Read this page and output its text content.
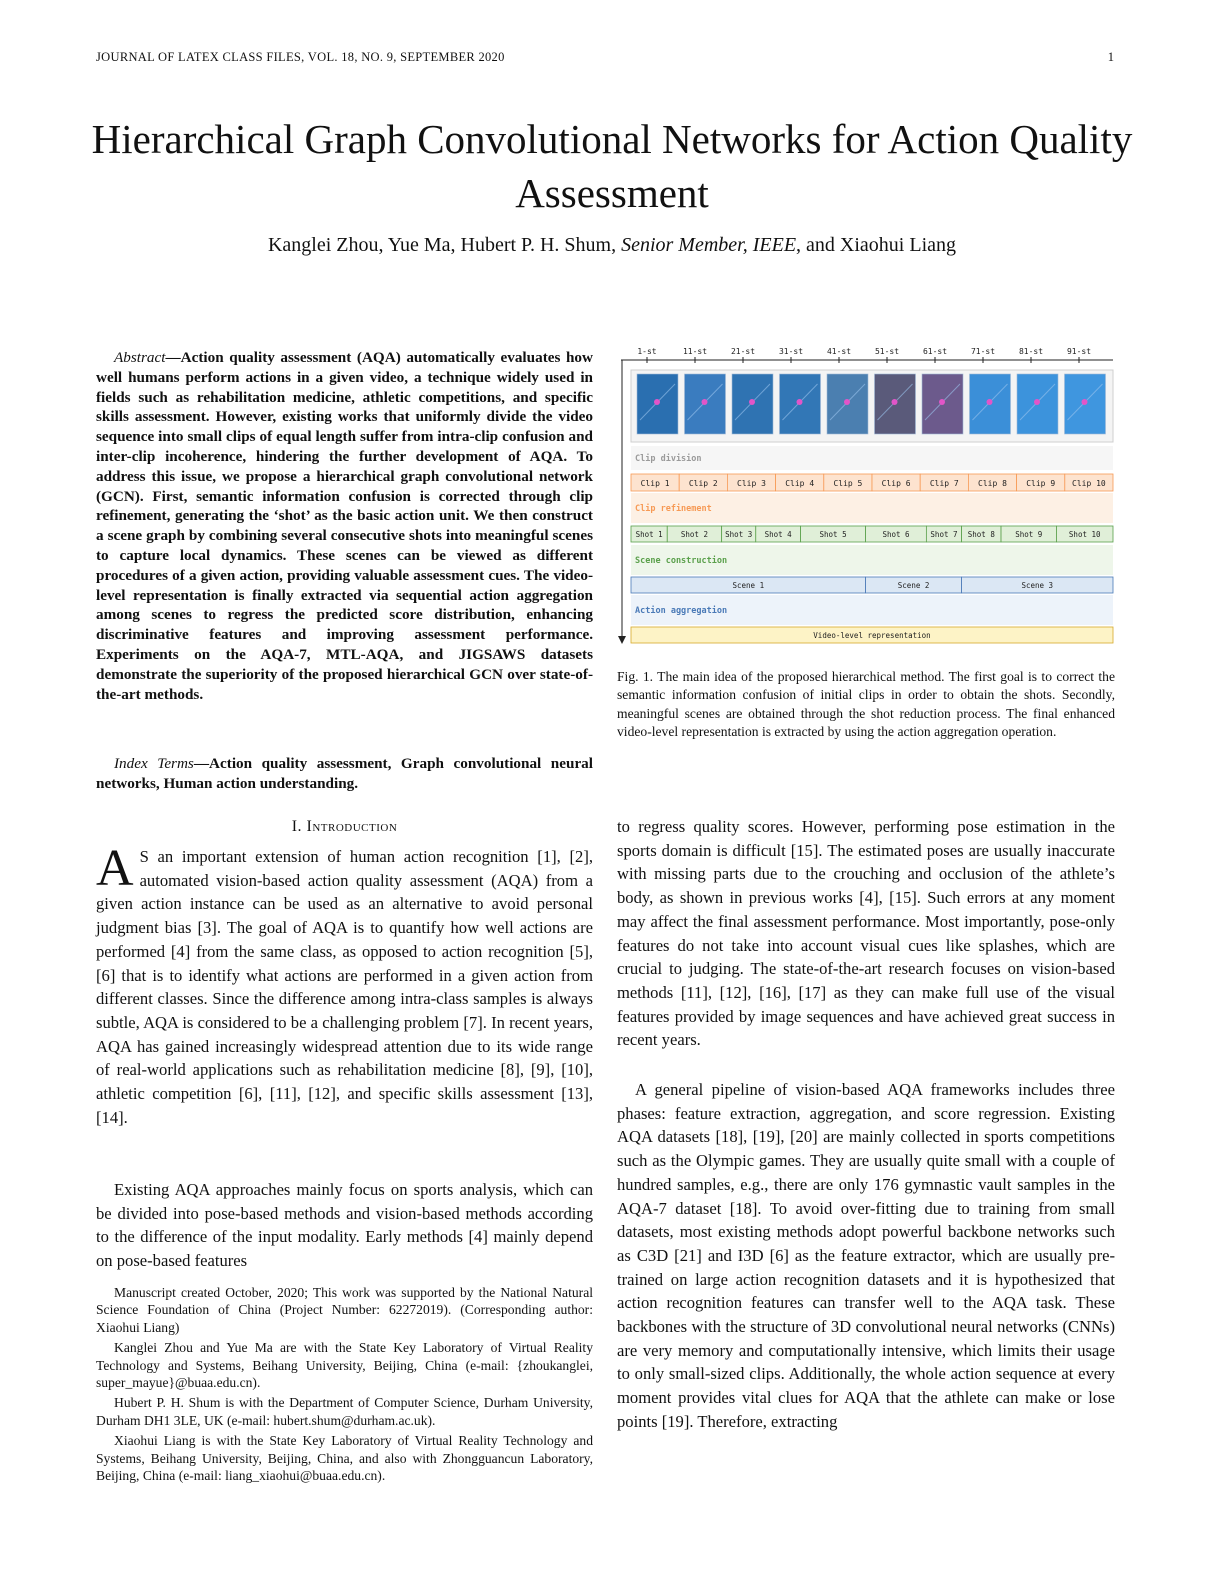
JOURNAL OF LATEX CLASS FILES, VOL. 18, NO. 9, SEPTEMBER 2020	1
Hierarchical Graph Convolutional Networks for Action Quality Assessment
Kanglei Zhou, Yue Ma, Hubert P. H. Shum, Senior Member, IEEE, and Xiaohui Liang
Abstract—Action quality assessment (AQA) automatically evaluates how well humans perform actions in a given video, a technique widely used in fields such as rehabilitation medicine, athletic competitions, and specific skills assessment. However, existing works that uniformly divide the video sequence into small clips of equal length suffer from intra-clip confusion and inter-clip incoherence, hindering the further development of AQA. To address this issue, we propose a hierarchical graph convolutional network (GCN). First, semantic information confusion is corrected through clip refinement, generating the ‘shot’ as the basic action unit. We then construct a scene graph by combining several consecutive shots into meaningful scenes to capture local dynamics. These scenes can be viewed as different procedures of a given action, providing valuable assessment cues. The video-level representation is finally extracted via sequential action aggregation among scenes to regress the predicted score distribution, enhancing discriminative features and improving assessment performance. Experiments on the AQA-7, MTL-AQA, and JIGSAWS datasets demonstrate the superiority of the proposed hierarchical GCN over state-of-the-art methods.
Index Terms—Action quality assessment, Graph convolutional neural networks, Human action understanding.
I. Introduction
A S an important extension of human action recognition [1], [2], automated vision-based action quality assessment (AQA) from a given action instance can be used as an alternative to avoid personal judgment bias [3]. The goal of AQA is to quantify how well actions are performed [4] from the same class, as opposed to action recognition [5], [6] that is to identify what actions are performed in a given action from different classes. Since the difference among intra-class samples is always subtle, AQA is considered to be a challenging problem [7]. In recent years, AQA has gained increasingly widespread attention due to its wide range of real-world applications such as rehabilitation medicine [8], [9], [10], athletic competition [6], [11], [12], and specific skills assessment [13], [14].
Existing AQA approaches mainly focus on sports analysis, which can be divided into pose-based methods and vision-based methods according to the difference of the input modality. Early methods [4] mainly depend on pose-based features

Manuscript created October, 2020; This work was supported by the National Natural Science Foundation of China (Project Number: 62272019). (Corresponding author: Xiaohui Liang)

Kanglei Zhou and Yue Ma are with the State Key Laboratory of Virtual Reality Technology and Systems, Beihang University, Beijing, China (e-mail: {zhoukanglei, super_mayue}@buaa.edu.cn).

Hubert P. H. Shum is with the Department of Computer Science, Durham University, Durham DH1 3LE, UK (e-mail: hubert.shum@durham.ac.uk).

Xiaohui Liang is with the State Key Laboratory of Virtual Reality Technology and Systems, Beihang University, Beijing, China, and also with Zhongguancun Laboratory, Beijing, China (e-mail: liang_xiaohui@buaa.edu.cn).

1-st	11-st	21-st	31-st	41-st	51-st	61-st	71-st	81-st	91-st
Clip division
Clip 1 Clip 2 Clip 3 Clip 4 Clip 5 Clip 6 Clip 7 Clip 8 Clip 9 Clip 10
Clip refinement
Shot 1 Shot 2 Shot 3 Shot 4	Shot 5	Shot 6	Shot 7 Shot 8	Shot 9	Shot 10
Scene construction
Scene 1	Scene 2	Scene 3
Action aggregation
Video-level representation
Fig. 1. The main idea of the proposed hierarchical method. The first goal is to correct the semantic information confusion of initial clips in order to obtain the shots. Secondly, meaningful scenes are obtained through the shot reduction process. The final enhanced video-level representation is extracted by using the action aggregation operation.
to regress quality scores. However, performing pose estimation in the sports domain is difficult [15]. The estimated poses are usually inaccurate with missing parts due to the crouching and occlusion of the athlete’s body, as shown in previous works [4], [15]. Such errors at any moment may affect the final assessment performance. Most importantly, pose-only features do not take into account visual cues like splashes, which are crucial to judging. The state-of-the-art research focuses on vision-based methods [11], [12], [16], [17] as they can make full use of the visual features provided by image sequences and have achieved great success in recent years.
A general pipeline of vision-based AQA frameworks includes three phases: feature extraction, aggregation, and score regression. Existing AQA datasets [18], [19], [20] are mainly collected in sports competitions such as the Olympic games. They are usually quite small with a couple of hundred samples, e.g., there are only 176 gymnastic vault samples in the AQA-7 dataset [18]. To avoid over-fitting due to training from small datasets, most existing methods adopt powerful backbone networks such as C3D [21] and I3D [6] as the feature extractor, which are usually pre-trained on large action recognition datasets and it is hypothesized that action recognition features can transfer well to the AQA task. These backbones with the structure of 3D convolutional neural networks (CNNs) are very memory and computationally intensive, which limits their usage to only small-sized clips. Additionally, the whole action sequence at every moment provides vital clues for AQA that the athlete can make or lose points [19]. Therefore, extracting
